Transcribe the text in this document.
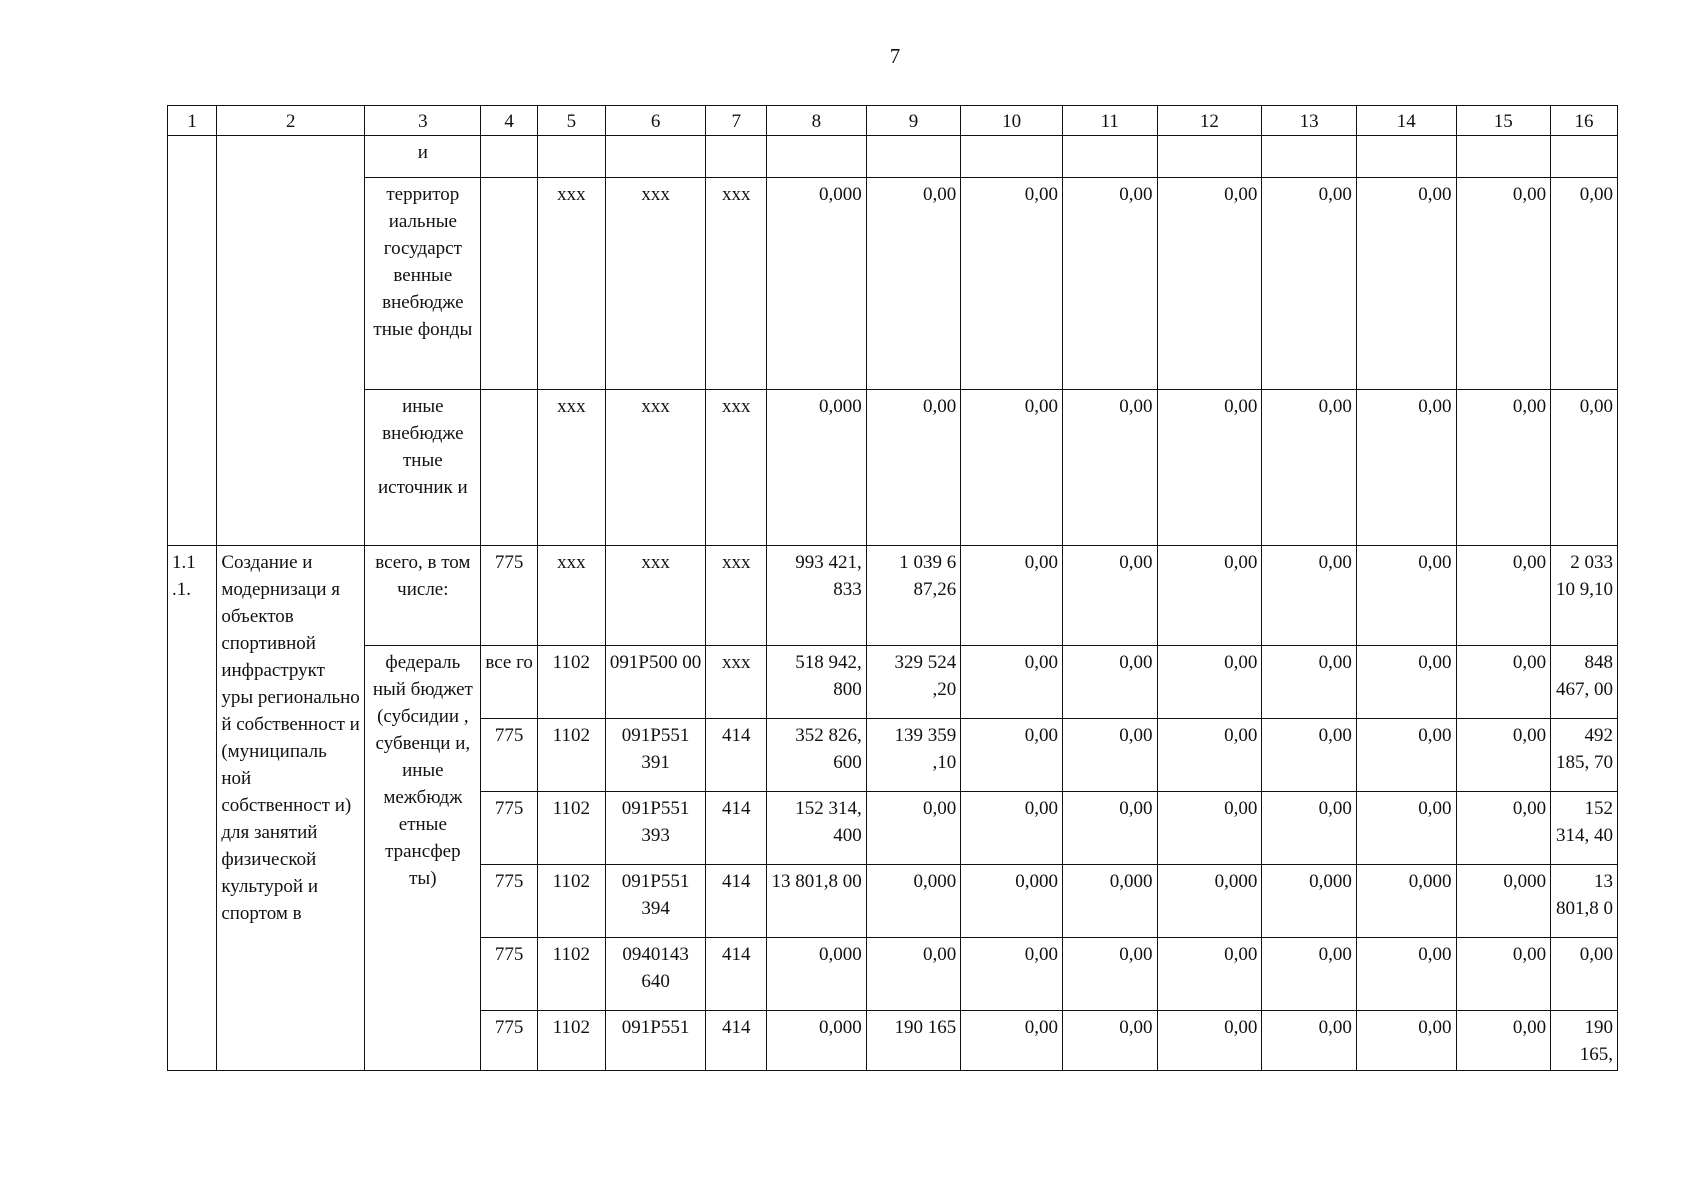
7
1	2	3	4	5	6	7	8	9	10	11	12	13	14	15	16
		и													
		территор иальные государст венные внебюдже тные фонды		ххх	ххх	ххх	0,000	0,00	0,00	0,00	0,00	0,00	0,00	0,00	0,00
		иные внебюдже тные источник и		ххх	ххх	ххх	0,000	0,00	0,00	0,00	0,00	0,00	0,00	0,00	0,00
1.1 .1.	Создание и модернизаци я объектов спортивной инфраструкт уры регионально й собственност и (муниципаль ной собственност и) для занятий физической культурой и спортом в	всего, в том числе:	775	ххх	ххх	ххх	993 421, 833	1 039 6 87,26	0,00	0,00	0,00	0,00	0,00	0,00	2 033 10 9,10
		федераль ный бюджет (субсидии , субвенци и, иные межбюдж етные трансфер ты)	все го	1102	091Р500 00	ххх	518 942, 800	329 524 ,20	0,00	0,00	0,00	0,00	0,00	0,00	848 467, 00
			775	1102	091Р551 391	414	352 826, 600	139 359 ,10	0,00	0,00	0,00	0,00	0,00	0,00	492 185, 70
			775	1102	091Р551 393	414	152 314, 400	0,00	0,00	0,00	0,00	0,00	0,00	0,00	152 314, 40
			775	1102	091Р551 394	414	13 801,8 00	0,000	0,000	0,000	0,000	0,000	0,000	0,000	13 801,8 0
			775	1102	0940143 640	414	0,000	0,00	0,00	0,00	0,00	0,00	0,00	0,00	0,00
			775	1102	091Р551	414	0,000	190 165	0,00	0,00	0,00	0,00	0,00	0,00	190 165,
